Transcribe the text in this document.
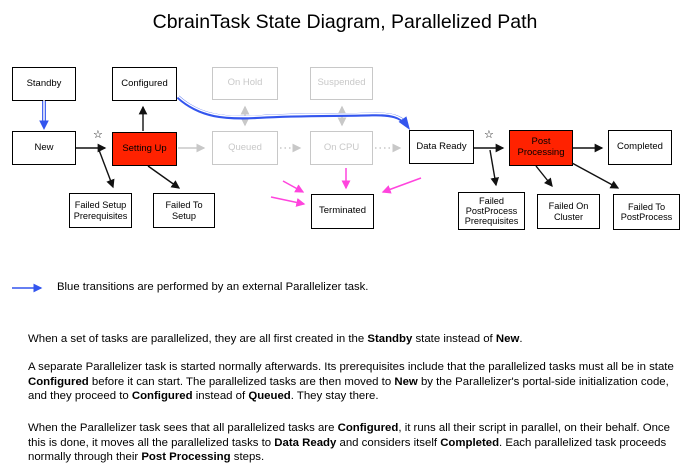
CbrainTask State Diagram, Parallelized Path
Standby	Configured	On Hold	Suspended
New	Setting Up	Queued	On CPU	Data Ready	Post Processing
Completed
Failed Setup Prerequisites
Failed To Setup	Terminated
Failed PostProcess Prerequisites
Failed On Cluster
Failed To PostProcess
☆	☆
Blue transitions are performed by an external Parallelizer task.
When a set of tasks are parallelized, they are all first created in the Standby state instead of New.
A separate Parallelizer task is started normally afterwards. Its prerequisites include that the parallelized tasks must all be in state Configured before it can start. The parallelized tasks are then moved to New by the Parallelizer's portal-side initialization code, and they proceed to Configured instead of Queued. They stay there.
When the Parallelizer task sees that all parallelized tasks are Configured, it runs all their script in parallel, on their behalf. Once this is done, it moves all the parallelized tasks to Data Ready and considers itself Completed. Each parallelized task proceeds normally through their Post Processing steps.
